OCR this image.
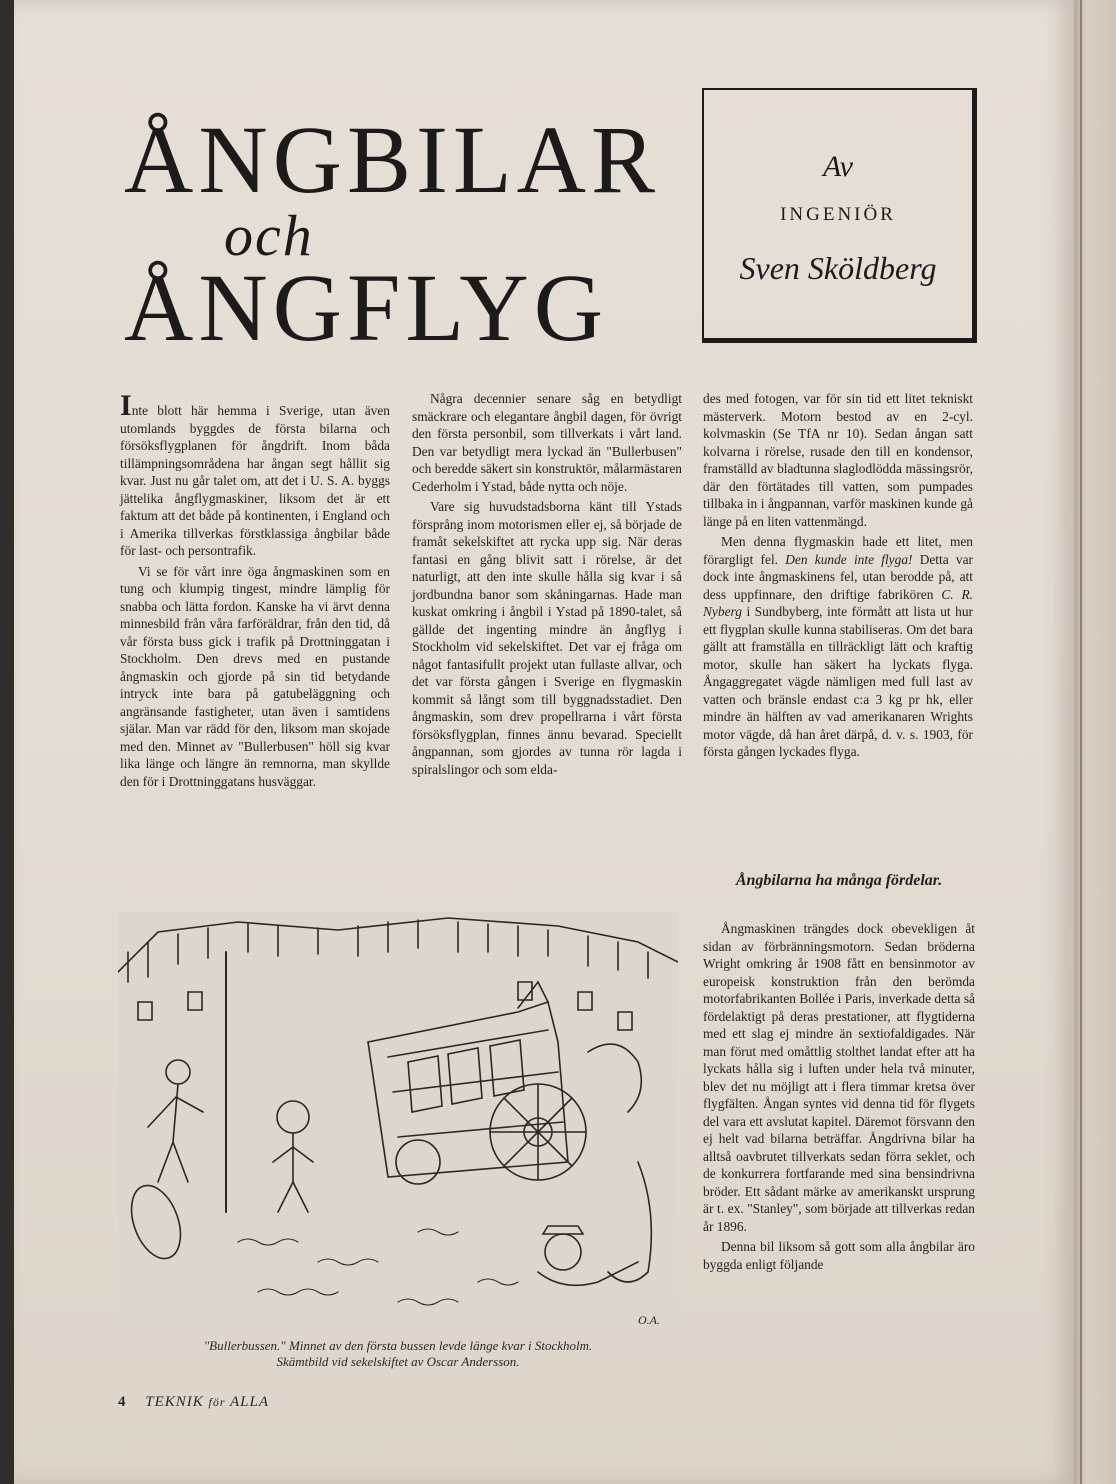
ÅNGBILAR
och
ÅNGFLYG
Av
INGENIÖR
Sven Sköldberg

Inte blott här hemma i Sverige, utan även utomlands byggdes de första bilarna och försöksflygplanen för ångdrift. Inom båda tillämpningsområdena har ångan segt hållit sig kvar. Just nu går talet om, att det i U. S. A. byggs jättelika ångflygmaskiner, liksom det är ett faktum att det både på kontinenten, i England och i Amerika tillverkas förstklassiga ångbilar både för last- och persontrafik.

Vi se för vårt inre öga ångmaskinen som en tung och klumpig tingest, mindre lämplig för snabba och lätta fordon. Kanske ha vi ärvt denna minnesbild från våra farföräldrar, från den tid, då vår första buss gick i trafik på Drottninggatan i Stockholm. Den drevs med en pustande ångmaskin och gjorde på sin tid betydande intryck inte bara på gatubeläggning och angränsande fastigheter, utan även i samtidens själar. Man var rädd för den, liksom man skojade med den. Minnet av "Bullerbusen" höll sig kvar lika länge och längre än remnorna, man skyllde den för i Drottninggatans husväggar.

Några decennier senare såg en betydligt smäckrare och elegantare ångbil dagen, för övrigt den första personbil, som tillverkats i vårt land. Den var betydligt mera lyckad än "Bullerbusen" och beredde säkert sin konstruktör, målarmästaren Cederholm i Ystad, både nytta och nöje.

Vare sig huvudstadsborna känt till Ystads försprång inom motorismen eller ej, så började de framåt sekelskiftet att rycka upp sig. När deras fantasi en gång blivit satt i rörelse, är det naturligt, att den inte skulle hålla sig kvar i så jordbundna banor som skåningarnas. Hade man kuskat omkring i ångbil i Ystad på 1890-talet, så gällde det ingenting mindre än ångflyg i Stockholm vid sekelskiftet. Det var ej fråga om något fantasifullt projekt utan fullaste allvar, och det var första gången i Sverige en flygmaskin kommit så långt som till byggnadsstadiet. Den ångmaskin, som drev propellrarna i vårt första försöksflygplan, finnes ännu bevarad. Speciellt ångpannan, som gjordes av tunna rör lagda i spiralslingor och som elda-

des med fotogen, var för sin tid ett litet tekniskt mästerverk. Motorn bestod av en 2-cyl. kolvmaskin (Se TfA nr 10). Sedan ångan satt kolvarna i rörelse, rusade den till en kondensor, framställd av bladtunna slaglodlödda mässingsrör, där den förtätades till vatten, som pumpades tillbaka in i ångpannan, varför maskinen kunde gå länge på en liten vattenmängd.

Men denna flygmaskin hade ett litet, men förargligt fel. Den kunde inte flyga! Detta var dock inte ångmaskinens fel, utan berodde på, att dess uppfinnare, den driftige fabrikören C. R. Nyberg i Sundbyberg, inte förmått att lista ut hur ett flygplan skulle kunna stabiliseras. Om det bara gällt att framställa en tillräckligt lätt och kraftig motor, skulle han säkert ha lyckats flyga. Ångaggregatet vägde nämligen med full last av vatten och bränsle endast c:a 3 kg pr hk, eller mindre än hälften av vad amerikanaren Wrights motor vägde, då han året därpå, d. v. s. 1903, för första gången lyckades flyga.

Ångbilarna ha många fördelar.

Ångmaskinen trängdes dock obevekligen åt sidan av förbränningsmotorn. Sedan bröderna Wright omkring år 1908 fått en bensinmotor av europeisk konstruktion från den berömda motorfabrikanten Bollée i Paris, inverkade detta så fördelaktigt på deras prestationer, att flygtiderna med ett slag ej mindre än sextiofaldigades. När man förut med omåttlig stolthet landat efter att ha lyckats hålla sig i luften under hela två minuter, blev det nu möjligt att i flera timmar kretsa över flygfälten. Ångan syntes vid denna tid för flygets del vara ett avslutat kapitel. Däremot försvann den ej helt vad bilarna beträffar. Ångdrivna bilar ha alltså oavbrutet tillverkats sedan förra seklet, och de konkurrera fortfarande med sina bensindrivna bröder. Ett sådant märke av amerikanskt ursprung är t. ex. "Stanley", som började att tillverkas redan år 1896.

Denna bil liksom så gott som alla ångbilar äro byggda enligt följande

O.A.
"Bullerbussen." Minnet av den första bussen levde länge kvar i Stockholm.
Skämtbild vid sekelskiftet av Oscar Andersson.
4 TEKNIK för ALLA
